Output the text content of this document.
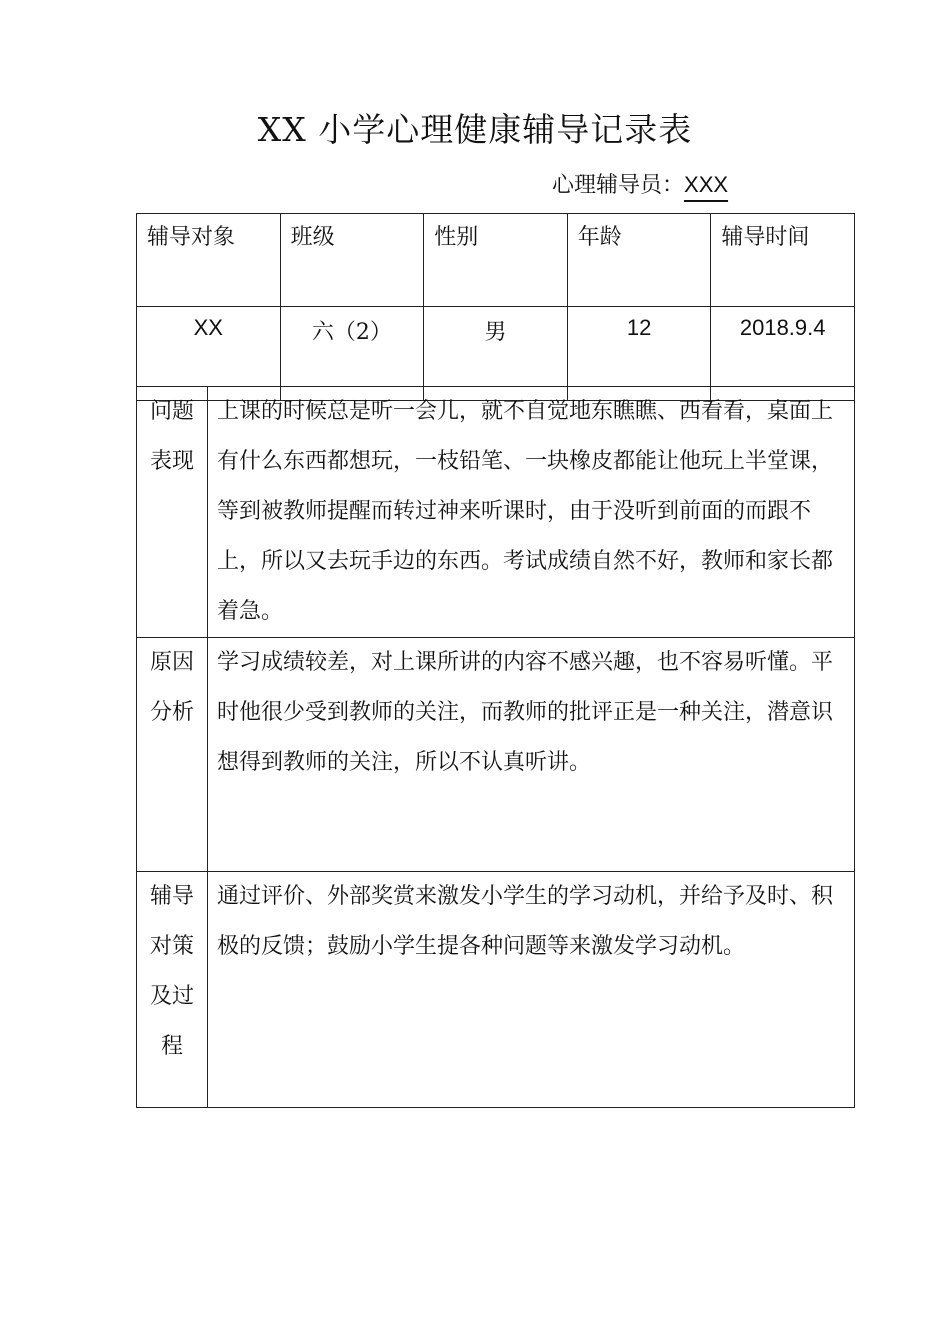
XX 小学心理健康辅导记录表
心理辅导员：XXX
辅导对象	班级	性别	年龄	辅导时间
XX	六（2）	男	12	2018.9.4
问题
表现	上课的时候总是听一会儿，就不自觉地东瞧瞧、西看看，桌面上有什么东西都想玩，一枝铅笔、一块橡皮都能让他玩上半堂课，等到被教师提醒而转过神来听课时，由于没听到前面的而跟不上，所以又去玩手边的东西。考试成绩自然不好，教师和家长都着急。

原因
分析	学习成绩较差，对上课所讲的内容不感兴趣，也不容易听懂。平时他很少受到教师的关注，而教师的批评正是一种关注，潜意识想得到教师的关注，所以不认真听讲。

辅导
对策
及过
程	通过评价、外部奖赏来激发小学生的学习动机，并给予及时、积极的反馈；鼓励小学生提各种问题等来激发学习动机。
